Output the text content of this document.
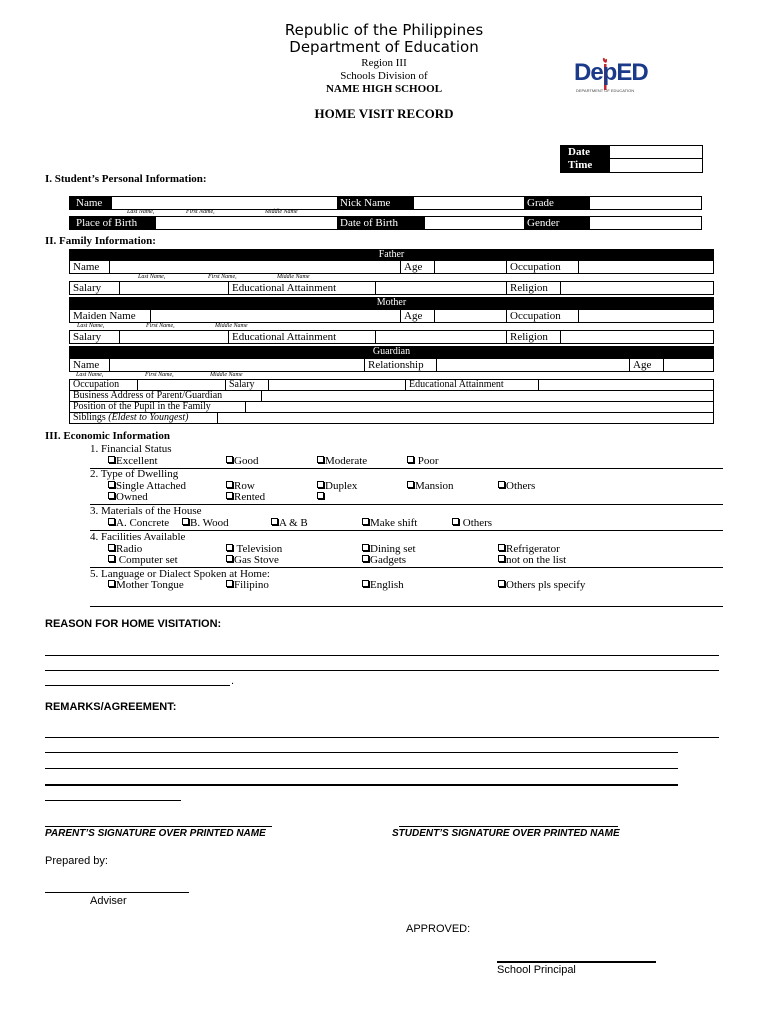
Republic of the Philippines
Department of Education
Region III
Schools Division of
NAME HIGH SCHOOL
HOME VISIT RECORD
DepED
DEPARTMENT OF EDUCATION
Date
Time
I. Student’s Personal Information:
Name	Nick Name	Grade
Last Name,	First Name,	Middle Name
Place of Birth	Date of Birth	Gender
II. Family Information:
Father
Name	Age	Occupation
Last Name,	First Name,	Middle Name
Salary	Educational Attainment	Religion
Mother
Maiden Name	Age	Occupation
Last Name,	First Name,	Middle Name
Salary	Educational Attainment	Religion
Guardian
Name	Relationship	Age
Last Name,	First Name,	Middle Name
Occupation	Salary	Educational Attainment
Business Address of Parent/Guardian
Position of the Pupil in the Family
Siblings (Eldest to Youngest)
III. Economic Information
1. Financial Status
Excellent	Good	Moderate	Poor
2. Type of Dwelling
Single Attached	Row	Duplex	Mansion	Others
Owned	Rented
3. Materials of the House
A. Concrete	B. Wood	A & B	Make shift	Others
4. Facilities Available
Radio	Television	Dining set	Refrigerator
Computer set	Gas Stove	Gadgets	not on the list
5. Language or Dialect Spoken at Home:
Mother Tongue	Filipino	English	Others pls specify
REASON FOR HOME VISITATION:
.
REMARKS/AGREEMENT:
PARENT’S SIGNATURE OVER PRINTED NAME	STUDENT’S SIGNATURE OVER PRINTED NAME
Prepared by:
Adviser
APPROVED:
School Principal
